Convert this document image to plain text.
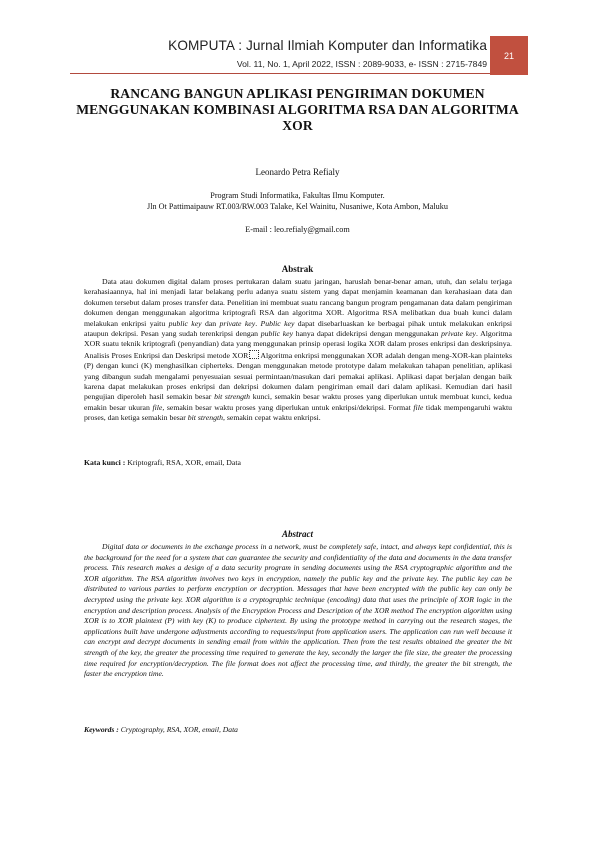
KOMPUTA : Jurnal Ilmiah Komputer dan Informatika
Vol. 11, No. 1, April 2022, ISSN : 2089-9033, e- ISSN : 2715-7849
21
RANCANG BANGUN APLIKASI PENGIRIMAN DOKUMEN MENGGUNAKAN KOMBINASI ALGORITMA RSA DAN ALGORITMA XOR
Leonardo Petra Refialy
Program Studi Informatika, Fakultas Ilmu Komputer.
Jln Ot Pattimaipauw RT.003/RW.003 Talake, Kel Wainitu, Nusaniwe, Kota Ambon, Maluku
E-mail : leo.refialy@gmail.com
Abstrak

Data atau dokumen digital dalam proses pertukaran dalam suatu jaringan, haruslah benar-benar aman, utuh, dan selalu terjaga kerahasiaannya, hal ini menjadi latar belakang perlu adanya suatu sistem yang dapat menjamin keamanan dan kerahasiaan data dan dokumen tersebut dalam proses transfer data. Penelitian ini membuat suatu rancang bangun program pengamanan data dalam pengiriman dokumen dengan menggunakan algoritma kriptografi RSA dan algoritma XOR. Algoritma RSA melibatkan dua buah kunci dalam melakukan enkripsi yaitu public key dan private key. Public key dapat disebarluaskan ke berbagai pihak untuk melakukan enkripsi ataupun dekripsi. Pesan yang sudah terenkripsi dengan public key hanya dapat didekripsi dengan menggunakan private key. Algoritma XOR suatu teknik kriptografi (penyandian) data yang menggunakan prinsip operasi logika XOR dalam proses enkripsi dan deskripsinya. Analisis Proses Enkripsi dan Deskripsi metode XOR Algoritma enkripsi menggunakan XOR adalah dengan meng-XOR-kan plainteks (P) dengan kunci (K) menghasilkan cipherteks. Dengan menggunakan metode prototype dalam melakukan tahapan penelitian, aplikasi yang dibangun sudah mengalami penyesuaian sesuai permintaan/masukan dari pemakai aplikasi. Aplikasi dapat berjalan dengan baik karena dapat melakukan proses enkripsi dan dekripsi dokumen dalam pengiriman email dari dalam aplikasi. Kemudian dari hasil pengujian diperoleh hasil semakin besar bit strength kunci, semakin besar waktu proses yang diperlukan untuk membuat kunci, kedua emakin besar ukuran file, semakin besar waktu proses yang diperlukan untuk enkripsi/dekripsi. Format file tidak mempengaruhi waktu proses, dan ketiga semakin besar bit strength, semakin cepat waktu enkripsi.

Kata kunci : Kriptografi, RSA, XOR, email, Data
Abstract

Digital data or documents in the exchange process in a network, must be completely safe, intact, and always kept confidential, this is the background for the need for a system that can guarantee the security and confidentiality of the data and documents in the data transfer process. This research makes a design of a data security program in sending documents using the RSA cryptographic algorithm and the XOR algorithm. The RSA algorithm involves two keys in encryption, namely the public key and the private key. The public key can be distributed to various parties to perform encryption or decryption. Messages that have been encrypted with the public key can only be decrypted using the private key. XOR algorithm is a cryptographic technique (encoding) data that uses the principle of XOR logic in the encryption and description process. Analysis of the Encryption Process and Description of the XOR method The encryption algorithm using XOR is to XOR plaintext (P) with key (K) to produce ciphertext. By using the prototype method in carrying out the research stages, the applications built have undergone adjustments according to requests/input from application users. The application can run well because it can encrypt and decrypt documents in sending email from within the application. Then from the test results obtained the greater the bit strength of the key, the greater the processing time required to generate the key, secondly the larger the file size, the greater the processing time required for encryption/decryption. The file format does not affect the processing time, and thirdly, the greater the bit strength, the faster the encryption time.

Keywords : Cryptography, RSA, XOR, email, Data
